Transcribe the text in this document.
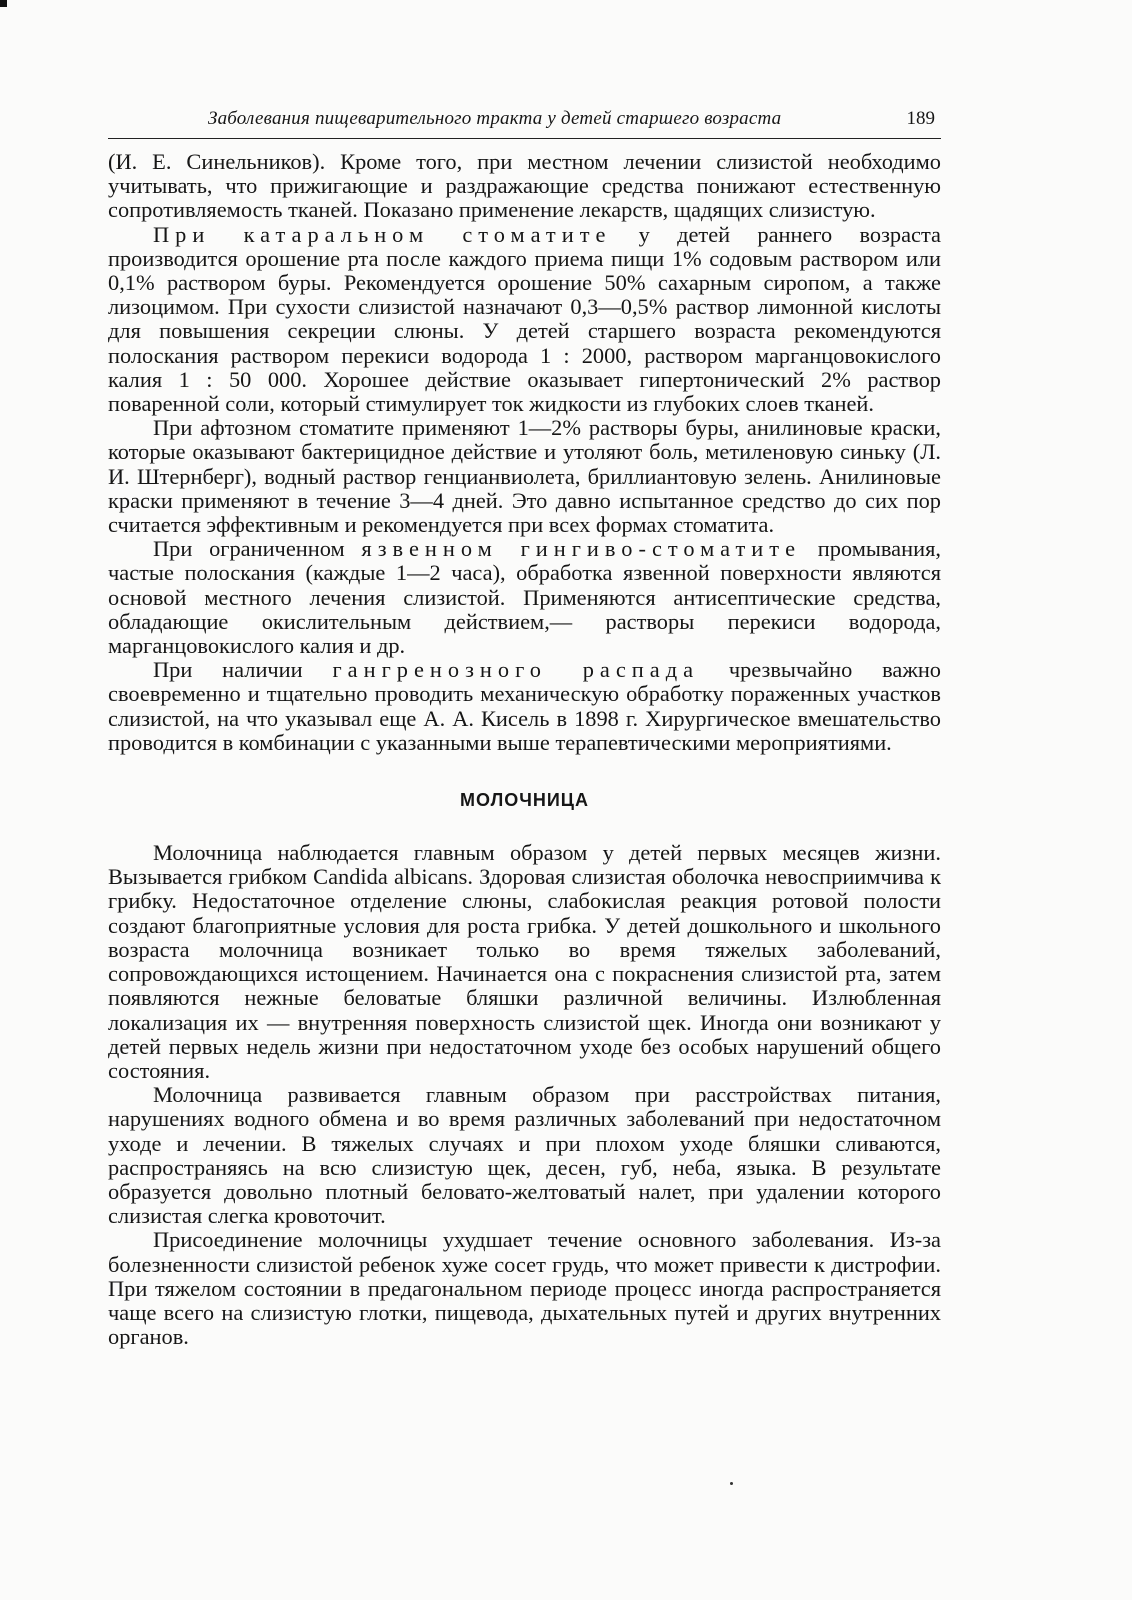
Заболевания пищеварительного тракта у детей старшего возраста	189

(И. Е. Синельников). Кроме того, при местном лечении слизистой необходимо учитывать, что прижигающие и раздражающие средства понижают естественную сопротивляемость тканей. Показано применение лекарств, щадящих слизистую.

При катаральном стоматите у детей раннего возраста производится орошение рта после каждого приема пищи 1% содовым раствором или 0,1% раствором буры. Рекомендуется орошение 50% сахарным сиропом, а также лизоцимом. При сухости слизистой назначают 0,3—0,5% раствор лимонной кислоты для повышения секреции слюны. У детей старшего возраста рекомендуются полоскания раствором перекиси водорода 1 : 2000, раствором марганцовокислого калия 1 : 50 000. Хорошее действие оказывает гипертонический 2% раствор поваренной соли, который стимулирует ток жидкости из глубоких слоев тканей.

При афтозном стоматите применяют 1—2% растворы буры, анилиновые краски, которые оказывают бактерицидное действие и утоляют боль, метиленовую синьку (Л. И. Штернберг), водный раствор генцианвиолета, бриллиантовую зелень. Анилиновые краски применяют в течение 3—4 дней. Это давно испытанное средство до сих пор считается эффективным и рекомендуется при всех формах стоматита.

При ограниченном язвенном гингиво-стоматите промывания, частые полоскания (каждые 1—2 часа), обработка язвенной поверхности являются основой местного лечения слизистой. Применяются антисептические средства, обладающие окислительным действием,— растворы перекиси водорода, марганцовокислого калия и др.

При наличии гангренозного распада чрезвычайно важно своевременно и тщательно проводить механическую обработку пораженных участков слизистой, на что указывал еще А. А. Кисель в 1898 г. Хирургическое вмешательство проводится в комбинации с указанными выше терапевтическими мероприятиями.

МОЛОЧНИЦА

Молочница наблюдается главным образом у детей первых месяцев жизни. Вызывается грибком Candida albicans. Здоровая слизистая оболочка невосприимчива к грибку. Недостаточное отделение слюны, слабокислая реакция ротовой полости создают благоприятные условия для роста грибка. У детей дошкольного и школьного возраста молочница возникает только во время тяжелых заболеваний, сопровождающихся истощением. Начинается она с покраснения слизистой рта, затем появляются нежные беловатые бляшки различной величины. Излюбленная локализация их — внутренняя поверхность слизистой щек. Иногда они возникают у детей первых недель жизни при недостаточном уходе без особых нарушений общего состояния.

Молочница развивается главным образом при расстройствах питания, нарушениях водного обмена и во время различных заболеваний при недостаточном уходе и лечении. В тяжелых случаях и при плохом уходе бляшки сливаются, распространяясь на всю слизистую щек, десен, губ, неба, языка. В результате образуется довольно плотный беловато-желтоватый налет, при удалении которого слизистая слегка кровоточит.

Присоединение молочницы ухудшает течение основного заболевания. Из-за болезненности слизистой ребенок хуже сосет грудь, что может привести к дистрофии. При тяжелом состоянии в предагональном периоде процесс иногда распространяется чаще всего на слизистую глотки, пищевода, дыхательных путей и других внутренних органов.
